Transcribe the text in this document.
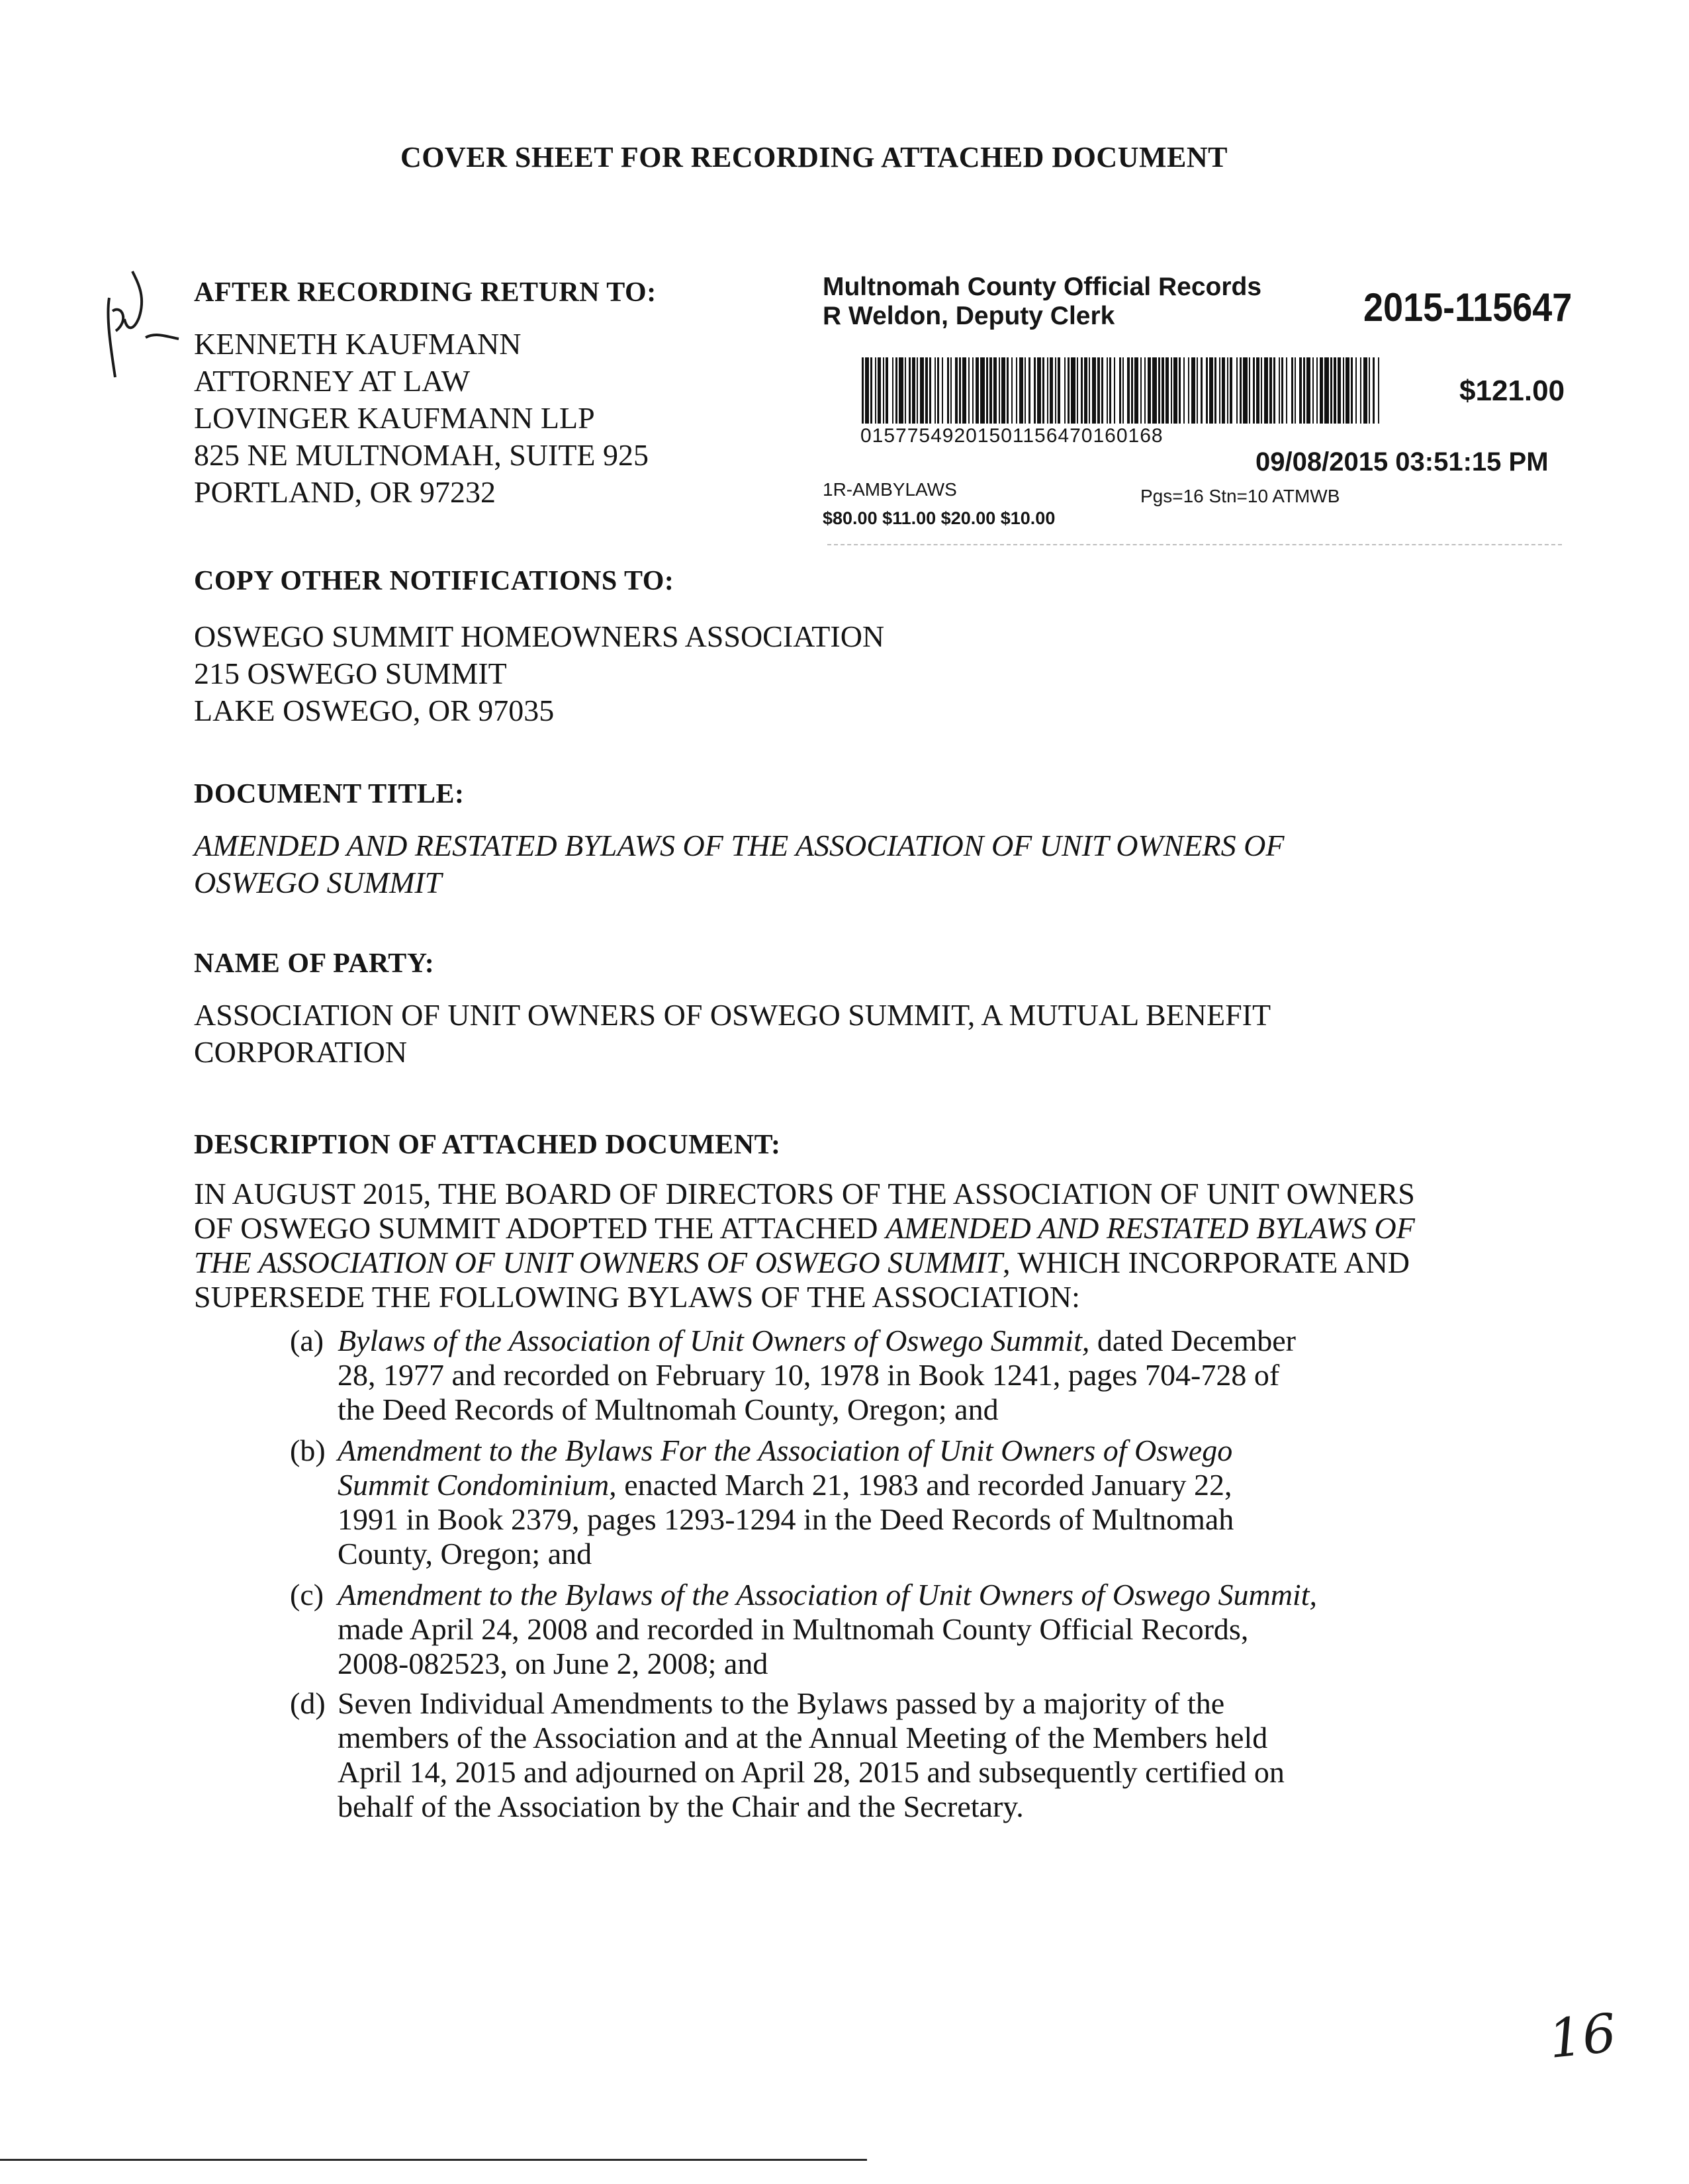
COVER SHEET FOR RECORDING ATTACHED DOCUMENT
AFTER RECORDING RETURN TO:
KENNETH KAUFMANN
ATTORNEY AT LAW
LOVINGER KAUFMANN LLP
825 NE MULTNOMAH, SUITE 925
PORTLAND, OR 97232
Multnomah County Official Records
R Weldon, Deputy Clerk	2015-115647
$121.00
01577549201501156470160168
09/08/2015 03:51:15 PM
1R-AMBYLAWS	Pgs=16 Stn=10 ATMWB
$80.00 $11.00 $20.00 $10.00
COPY OTHER NOTIFICATIONS TO:
OSWEGO SUMMIT HOMEOWNERS ASSOCIATION
215 OSWEGO SUMMIT
LAKE OSWEGO, OR 97035
DOCUMENT TITLE:
AMENDED AND RESTATED BYLAWS OF THE ASSOCIATION OF UNIT OWNERS OF
OSWEGO SUMMIT
NAME OF PARTY:
ASSOCIATION OF UNIT OWNERS OF OSWEGO SUMMIT, A MUTUAL BENEFIT
CORPORATION
DESCRIPTION OF ATTACHED DOCUMENT:
IN AUGUST 2015, THE BOARD OF DIRECTORS OF THE ASSOCIATION OF UNIT OWNERS
OF OSWEGO SUMMIT ADOPTED THE ATTACHED AMENDED AND RESTATED BYLAWS OF
THE ASSOCIATION OF UNIT OWNERS OF OSWEGO SUMMIT, WHICH INCORPORATE AND
SUPERSEDE THE FOLLOWING BYLAWS OF THE ASSOCIATION:
(a) Bylaws of the Association of Unit Owners of Oswego Summit, dated December
28, 1977 and recorded on February 10, 1978 in Book 1241, pages 704-728 of
the Deed Records of Multnomah County, Oregon; and
(b) Amendment to the Bylaws For the Association of Unit Owners of Oswego
Summit Condominium, enacted March 21, 1983 and recorded January 22,
1991 in Book 2379, pages 1293-1294 in the Deed Records of Multnomah
County, Oregon; and
(c) Amendment to the Bylaws of the Association of Unit Owners of Oswego Summit,
made April 24, 2008 and recorded in Multnomah County Official Records,
2008-082523, on June 2, 2008; and
(d) Seven Individual Amendments to the Bylaws passed by a majority of the
members of the Association and at the Annual Meeting of the Members held
April 14, 2015 and adjourned on April 28, 2015 and subsequently certified on
behalf of the Association by the Chair and the Secretary.
16
